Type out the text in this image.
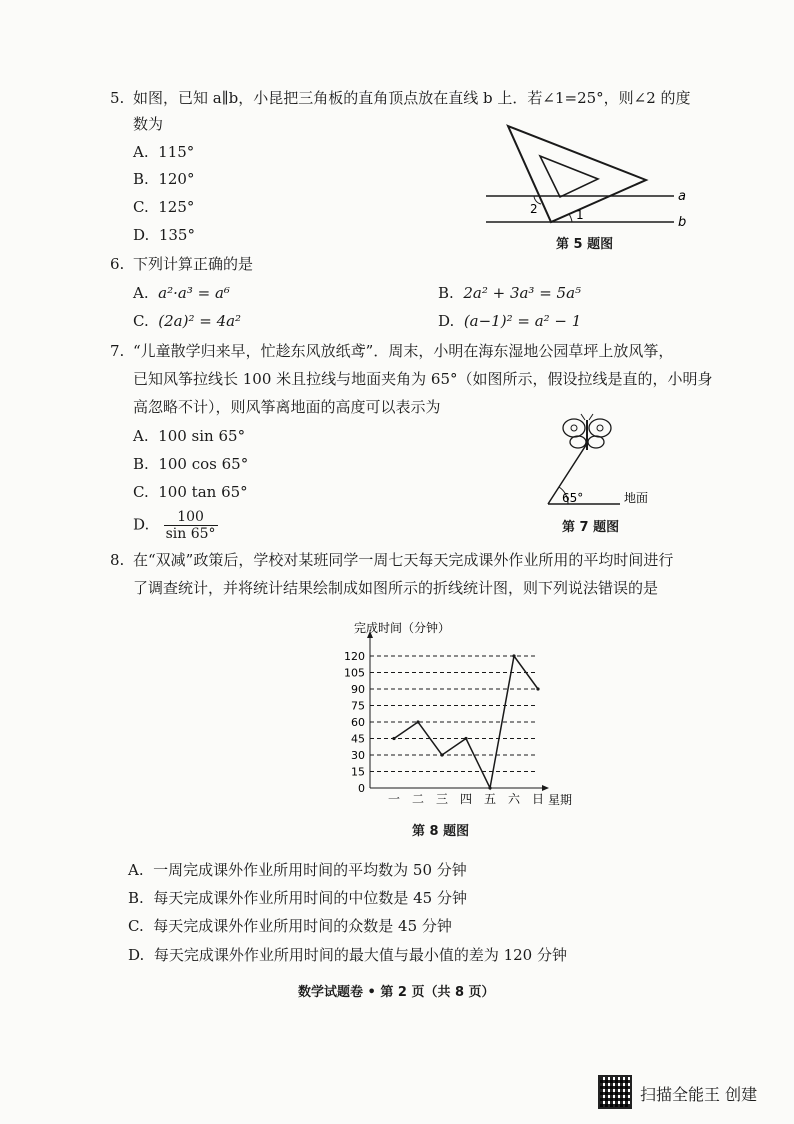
5. 如图，已知 a∥b，小昆把三角板的直角顶点放在直线 b 上．若∠1=25°，则∠2 的度
数为
A. 115°
B. 120°
C. 125°
D. 135°
a
b
1
2
第 5 题图
6. 下列计算正确的是
A. a²·a³ = a⁶	B. 2a² + 3a³ = 5a⁵
C. (2a)² = 4a²	D. (a−1)² = a² − 1
7. “儿童散学归来早，忙趁东风放纸鸢”．周末，小明在海东湿地公园草坪上放风筝，
已知风筝拉线长 100 米且拉线与地面夹角为 65°（如图所示，假设拉线是直的，小明身
高忽略不计），则风筝离地面的高度可以表示为
A. 100 sin 65°
B. 100 cos 65°
C. 100 tan 65°
D. $\frac{100}{\sin 65^\circ}$
65°	地面
第 7 题图
8. 在“双减”政策后，学校对某班同学一周七天每天完成课外作业所用的平均时间进行
了调查统计，并将统计结果绘制成如图所示的折线统计图，则下列说法错误的是
0
15
30
45
60
75
90
105
120
一 二 三 四 五 六 日
完成时间（分钟）
星期
第 8 题图
A. 一周完成课外作业所用时间的平均数为 50 分钟
B. 每天完成课外作业所用时间的中位数是 45 分钟
C. 每天完成课外作业所用时间的众数是 45 分钟
D. 每天完成课外作业所用时间的最大值与最小值的差为 120 分钟
数学试题卷 • 第 2 页（共 8 页）
扫描全能王 创建
